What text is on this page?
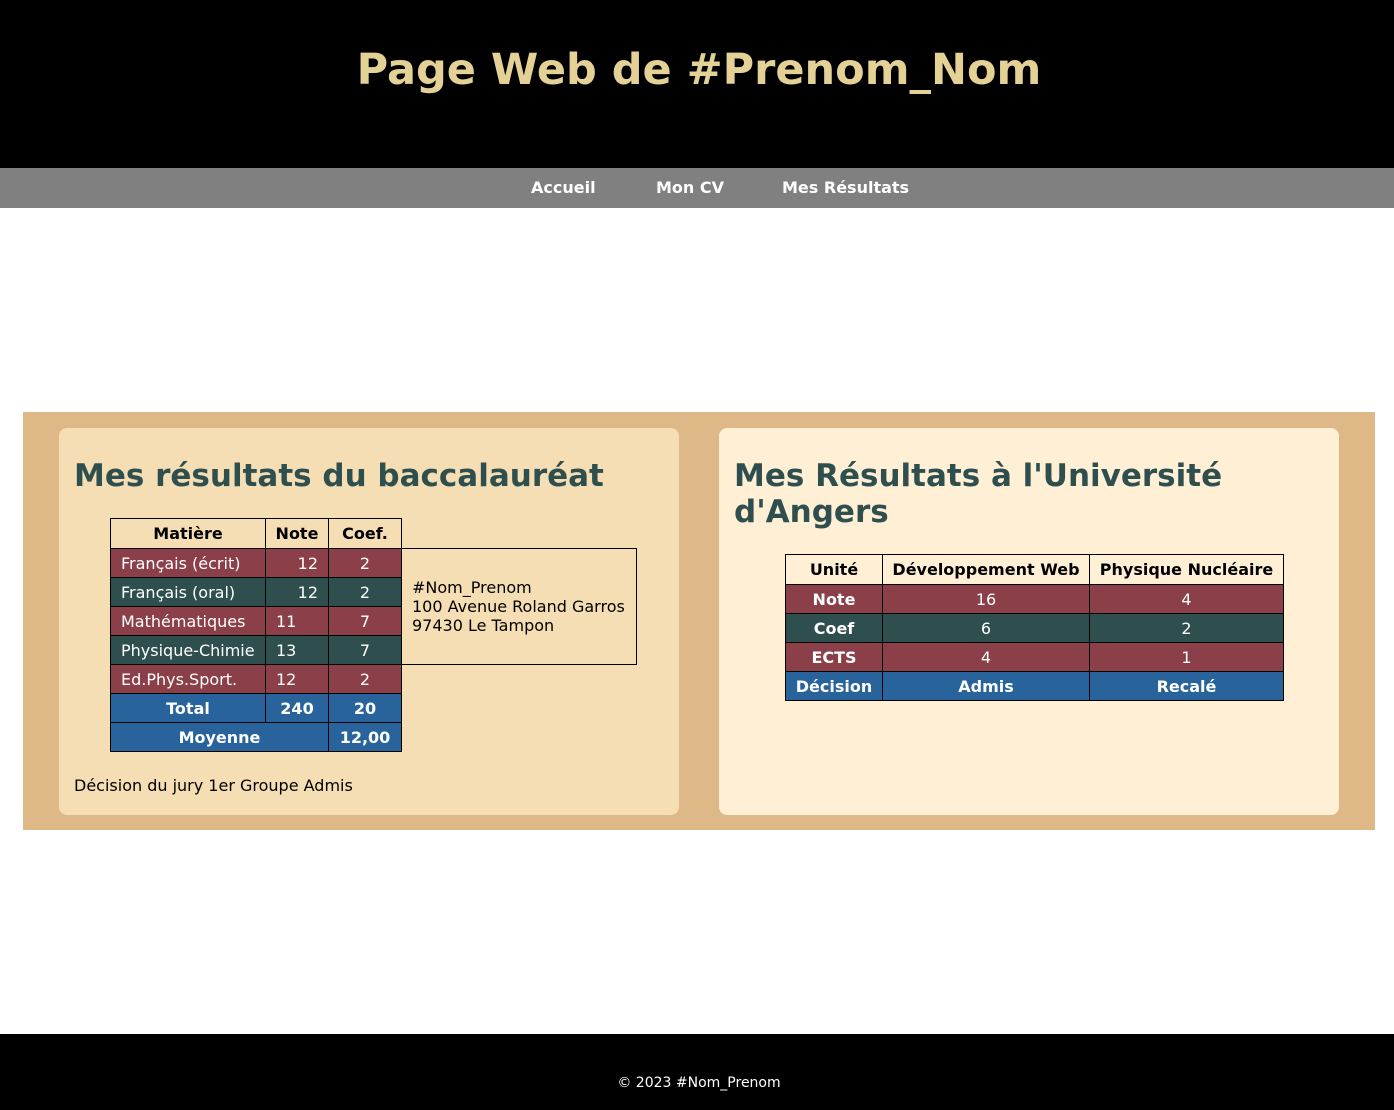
Page Web de #Prenom_Nom
Accueil	Mon CV	Mes Résultats
Mes résultats du baccalauréat
Matière	Note	Coef.	
Français (écrit)	12	2	#Nom_Prenom
100 Avenue Roland Garros
97430 Le Tampon

Français (oral)	12	2	
Mathématiques	11	7	
Physique-Chimie	13	7	
Ed.Phys.Sport.	12	2	
Total	240	20	
Moyenne		12,00	
Décision du jury 1er Groupe Admis
Mes Résultats à l'Université d'Angers
Unité	Développement Web	Physique Nucléaire
Note	16	4
Coef	6	2
ECTS	4	1
Décision	Admis	Recalé

© 2023 #Nom_Prenom
